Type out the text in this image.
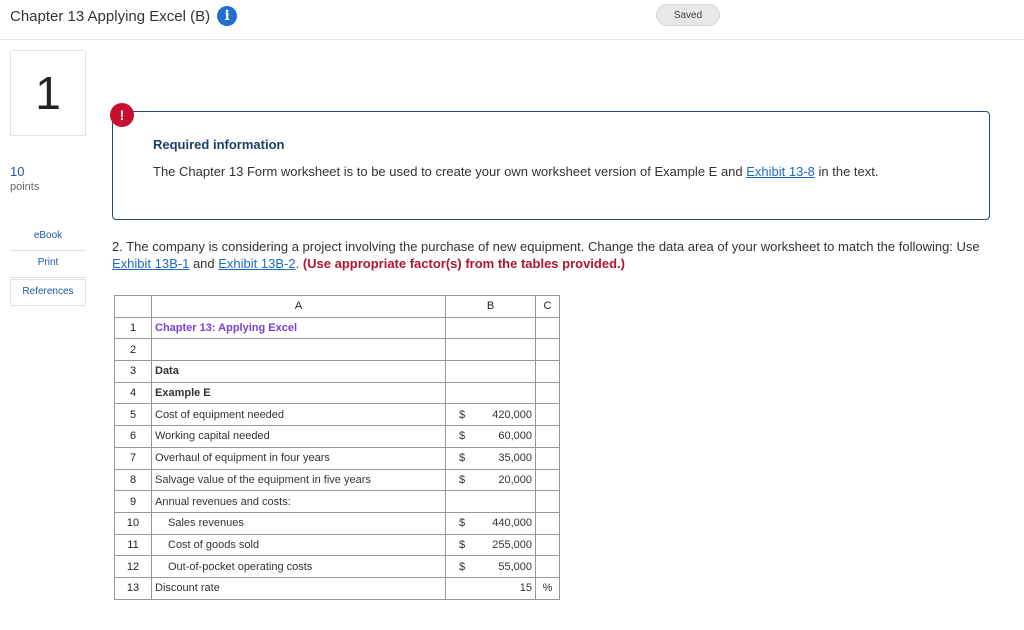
Chapter 13 Applying Excel (B)	i	Saved
1
10
points
eBook
Print
References
!
Required information
The Chapter 13 Form worksheet is to be used to create your own worksheet version of Example E and Exhibit 13-8 in the text.
2. The company is considering a project involving the purchase of new equipment. Change the data area of your worksheet to match the following: Use Exhibit 13B-1 and Exhibit 13B-2. (Use appropriate factor(s) from the tables provided.)
	A	B	C
1	Chapter 13: Applying Excel	

2		

3	Data	

4	Example E	

5	Cost of equipment needed	$ 420,000	

6	Working capital needed	$ 60,000	

7	Overhaul of equipment in four years	$ 35,000	

8	Salvage value of the equipment in five years	$ 20,000	

9	Annual revenues and costs:	

10	Sales revenues	$ 440,000	

11	Cost of goods sold	$ 255,000	

12	Out-of-pocket operating costs	$ 55,000	

13	Discount rate	15	%
